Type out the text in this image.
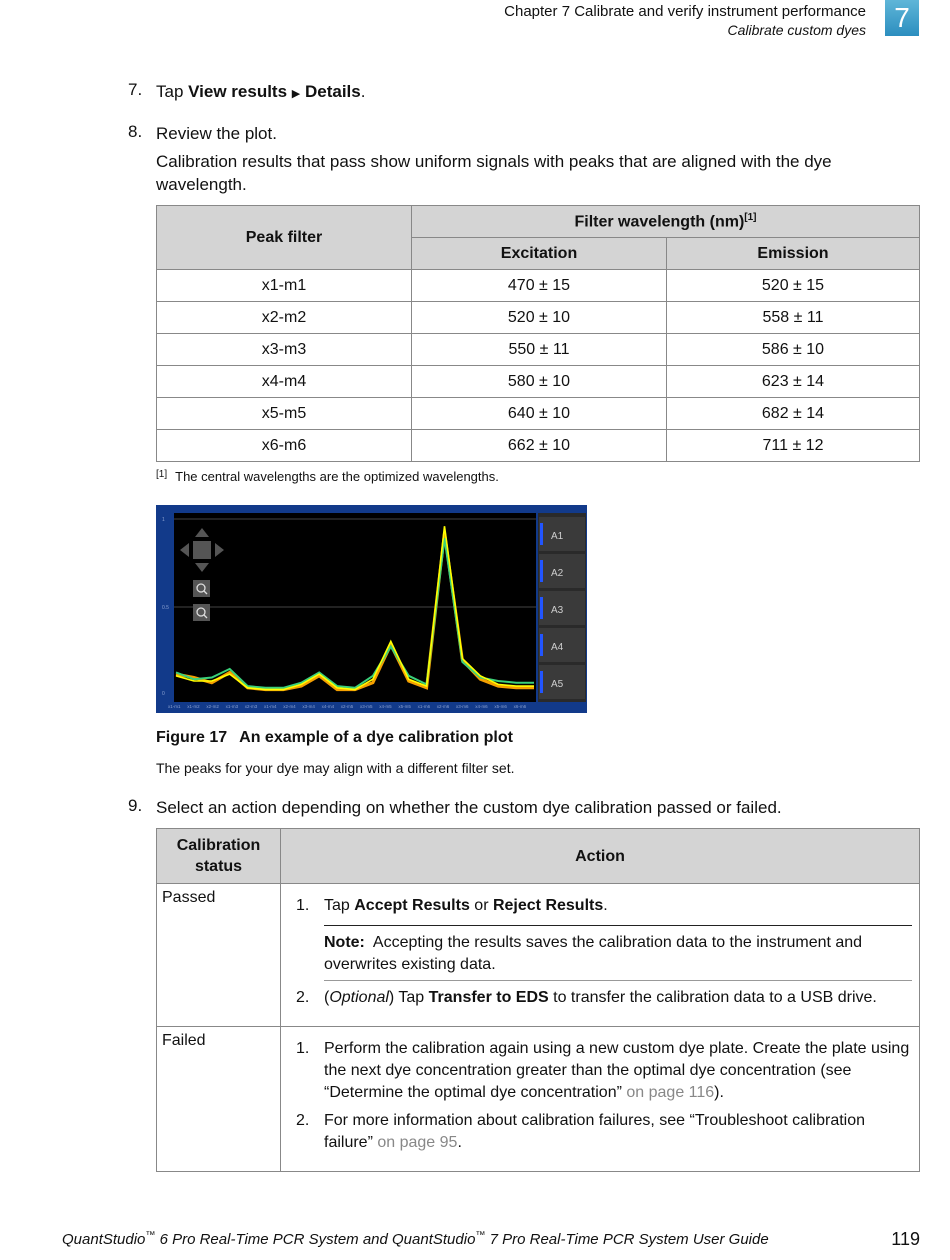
Chapter 7 Calibrate and verify instrument performance
Calibrate custom dyes	7
7. Tap View results ▶ Details.
8. Review the plot.
Calibration results that pass show uniform signals with peaks that are aligned with the dye wavelength.
Peak filter	Filter wavelength (nm)[1]
	Excitation	Emission
x1-m1	470 ± 15	520 ± 15
x2-m2	520 ± 10	558 ± 11
x3-m3	550 ± 11	586 ± 10
x4-m4	580 ± 10	623 ± 14
x5-m5	640 ± 10	682 ± 14
x6-m6	662 ± 10	711 ± 12
[1] The central wavelengths are the optimized wavelengths.
A1
A2
A3
A4
A5
x1-m1 x1-m2 x2-m2 x1-m3 x2-m3 x1-m4 x2-m4 x3-m4 x4-m4 x2-m5 x3-m5 x4-m5 x5-m5 x1-m6 x2-m6 x3-m6 x4-m6 x5-m6 x6-m6
1
0.5
0
Figure 17 An example of a dye calibration plot
The peaks for your dye may align with a different filter set.
9. Select an action depending on whether the custom dye calibration passed or failed.
Calibration
status	Action
Passed	1. Tap Accept Results or Reject Results.
Note: Accepting the results saves the calibration data to the instrument and overwrites existing data.
2. (Optional) Tap Transfer to EDS to transfer the calibration data to a USB drive.

Failed	1. Perform the calibration again using a new custom dye plate. Create the plate using the next dye concentration greater than the optimal dye concentration (see “Determine the optimal dye concentration” on page 116).
2. For more information about calibration failures, see “Troubleshoot calibration failure” on page 95.
QuantStudio™ 6 Pro Real-Time PCR System and QuantStudio™ 7 Pro Real-Time PCR System User Guide	119
